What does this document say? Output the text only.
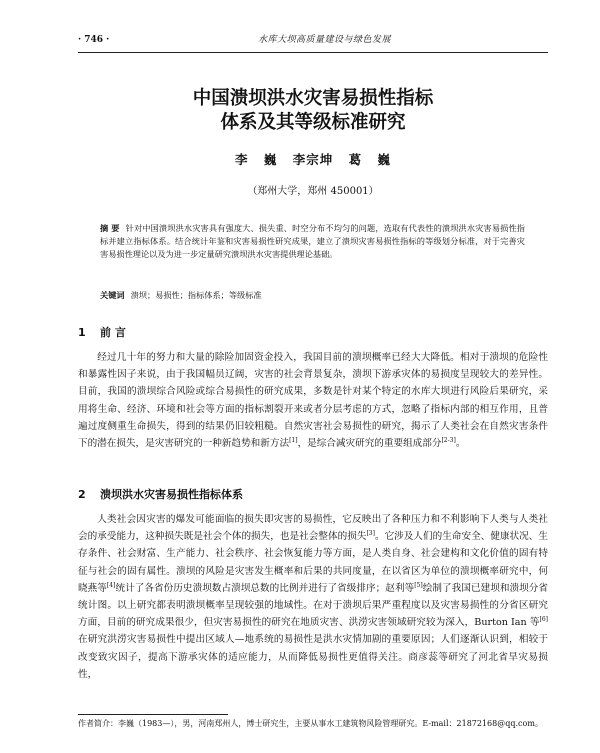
· 746 ·	水库大坝高质量建设与绿色发展
中国溃坝洪水灾害易损性指标
体系及其等级标准研究
李 巍 李宗坤 葛 巍
（郑州大学，郑州 450001）
摘 要 针对中国溃坝洪水灾害具有强度大、损失重、时空分布不均匀的问题，选取有代表性的溃坝洪水灾害易损性指标并建立指标体系。结合统计年鉴和灾害易损性研究成果，建立了溃坝灾害易损性指标的等级划分标准，对于完善灾害易损性理论以及为进一步定量研究溃坝洪水灾害提供理论基础。
关键词 溃坝；易损性；指标体系；等级标准
1 前 言
经过几十年的努力和大量的除险加固资金投入，我国目前的溃坝概率已经大大降低。相对于溃坝的危险性和暴露性因子来说，由于我国幅员辽阔，灾害的社会背景复杂，溃坝下游承灾体的易损度呈现较大的差异性。目前，我国的溃坝综合风险或综合易损性的研究成果，多数是针对某个特定的水库大坝进行风险后果研究，采用将生命、经济、环境和社会等方面的指标割裂开来或者分层考虑的方式，忽略了指标内部的相互作用，且普遍过度侧重生命损失，得到的结果仍旧较粗糙。自然灾害社会易损性的研究，揭示了人类社会在自然灾害条件下的潜在损失，是灾害研究的一种新趋势和新方法[1]，是综合减灾研究的重要组成部分[2-3]。
2 溃坝洪水灾害易损性指标体系
人类社会因灾害的爆发可能面临的损失即灾害的易损性，它反映出了各种压力和不利影响下人类与人类社会的承受能力，这种损失既是社会个体的损失，也是社会整体的损失[3]。它涉及人们的生命安全、健康状况、生存条件、社会财富、生产能力、社会秩序、社会恢复能力等方面，是人类自身、社会建构和文化价值的固有特征与社会的固有属性。溃坝的风险是灾害发生概率和后果的共同度量，在以省区为单位的溃坝概率研究中，何晓燕等[4]统计了各省份历史溃坝数占溃坝总数的比例并进行了省级排序；赵利等[5]绘制了我国已建坝和溃坝分省统计图。以上研究都表明溃坝概率呈现较强的地域性。在对于溃坝后果严重程度以及灾害易损性的分省区研究方面，目前的研究成果很少，但灾害易损性的研究在地质灾害、洪涝灾害领域研究较为深入，Burton Ian 等[6]在研究洪涝灾害易损性中提出区域人—地系统的易损性是洪水灾情加剧的重要原因；人们逐渐认识到，相较于改变致灾因子，提高下游承灾体的适应能力，从而降低易损性更值得关注。商彦蕊等研究了河北省旱灾易损性，
作者简介：李巍（1983—），男，河南郑州人，博士研究生，主要从事水工建筑物风险管理研究。E-mail：21872168@qq.com。
